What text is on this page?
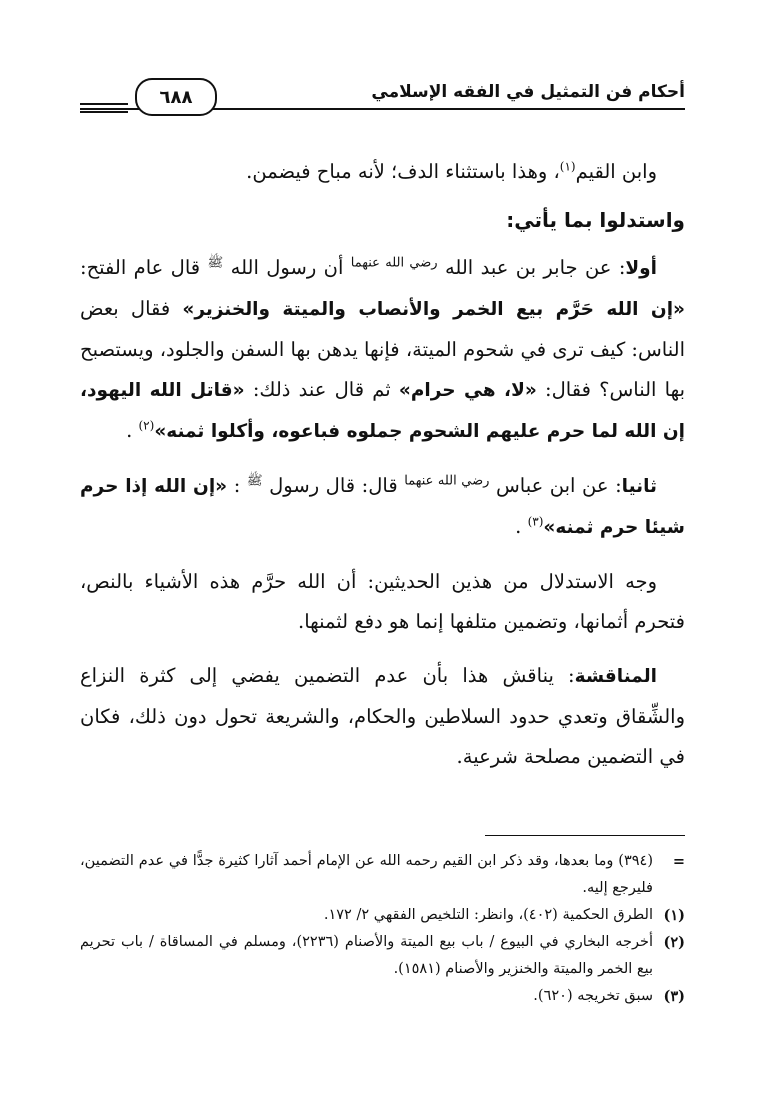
أحكام فن التمثيل في الفقه الإسلامي
٦٨٨

وابن القيم$^{(١)}$، وهذا باستثناء الدف؛ لأنه مباح فيضمن.

واستدلوا بما يأتي:

أولا: عن جابر بن عبد الله $^{رضي الله عنهما}$ أن رسول الله $^ﷺ$ قال عام الفتح: «إن الله حَرَّم بيع الخمر والأنصاب والميتة والخنزير» فقال بعض الناس: كيف ترى في شحوم الميتة، فإنها يدهن بها السفن والجلود، ويستصبح بها الناس؟ فقال: «لا، هي حرام» ثم قال عند ذلك: «قاتل الله اليهود، إن الله لما حرم عليهم الشحوم جملوه فباعوه، وأكلوا ثمنه»$^{(٢)}$ .

ثانيا: عن ابن عباس $^{رضي الله عنهما}$ قال: قال رسول $^ﷺ$ : «إن الله إذا حرم شيئا حرم ثمنه»$^{(٣)}$ .

وجه الاستدلال من هذين الحديثين: أن الله حرَّم هذه الأشياء بالنص، فتحرم أثمانها، وتضمين متلفها إنما هو دفع لثمنها.

المناقشة: يناقش هذا بأن عدم التضمين يفضي إلى كثرة النزاع والشِّقاق وتعدي حدود السلاطين والحكام، والشريعة تحول دون ذلك، فكان في التضمين مصلحة شرعية.

=
(٣٩٤) وما بعدها، وقد ذكر ابن القيم رحمه الله عن الإمام أحمد آثارا كثيرة جدًّا في عدم التضمين، فليرجع إليه.
(١)
الطرق الحكمية (٤٠٢)، وانظر: التلخيص الفقهي ٢/ ١٧٢.
(٢)
أخرجه البخاري في البيوع / باب بيع الميتة والأصنام (٢٢٣٦)، ومسلم في المساقاة / باب تحريم بيع الخمر والميتة والخنزير والأصنام (١٥٨١).
(٣)
سبق تخريجه (٦٢٠).
